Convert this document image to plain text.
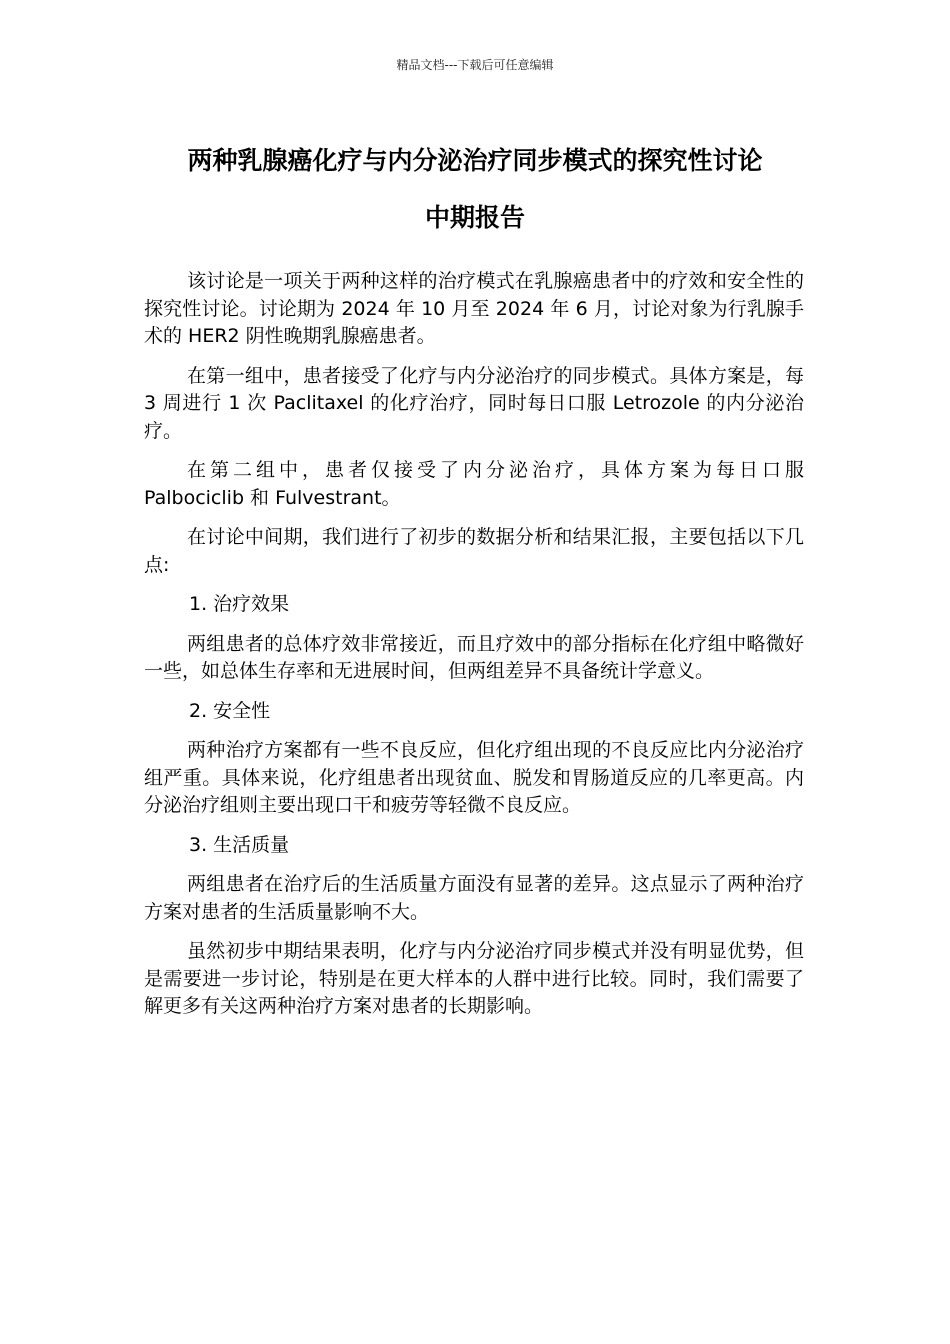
精品文档---下载后可任意编辑
两种乳腺癌化疗与内分泌治疗同步模式的探究性讨论
中期报告

该讨论是一项关于两种这样的治疗模式在乳腺癌患者中的疗效和安全性的探究性讨论。讨论期为 2024 年 10 月至 2024 年 6 月，讨论对象为行乳腺手术的 HER2 阴性晚期乳腺癌患者。

在第一组中，患者接受了化疗与内分泌治疗的同步模式。具体方案是，每 3 周进行 1 次 Paclitaxel 的化疗治疗，同时每日口服 Letrozole 的内分泌治疗。

在第二组中，患者仅接受了内分泌治疗，具体方案为每日口服 Palbociclib 和 Fulvestrant。

在讨论中间期，我们进行了初步的数据分析和结果汇报，主要包括以下几点:

1. 治疗效果

两组患者的总体疗效非常接近，而且疗效中的部分指标在化疗组中略微好一些，如总体生存率和无进展时间，但两组差异不具备统计学意义。

2. 安全性

两种治疗方案都有一些不良反应，但化疗组出现的不良反应比内分泌治疗组严重。具体来说，化疗组患者出现贫血、脱发和胃肠道反应的几率更高。内分泌治疗组则主要出现口干和疲劳等轻微不良反应。

3. 生活质量

两组患者在治疗后的生活质量方面没有显著的差异。这点显示了两种治疗方案对患者的生活质量影响不大。

虽然初步中期结果表明，化疗与内分泌治疗同步模式并没有明显优势，但是需要进一步讨论，特别是在更大样本的人群中进行比较。同时，我们需要了解更多有关这两种治疗方案对患者的长期影响。
